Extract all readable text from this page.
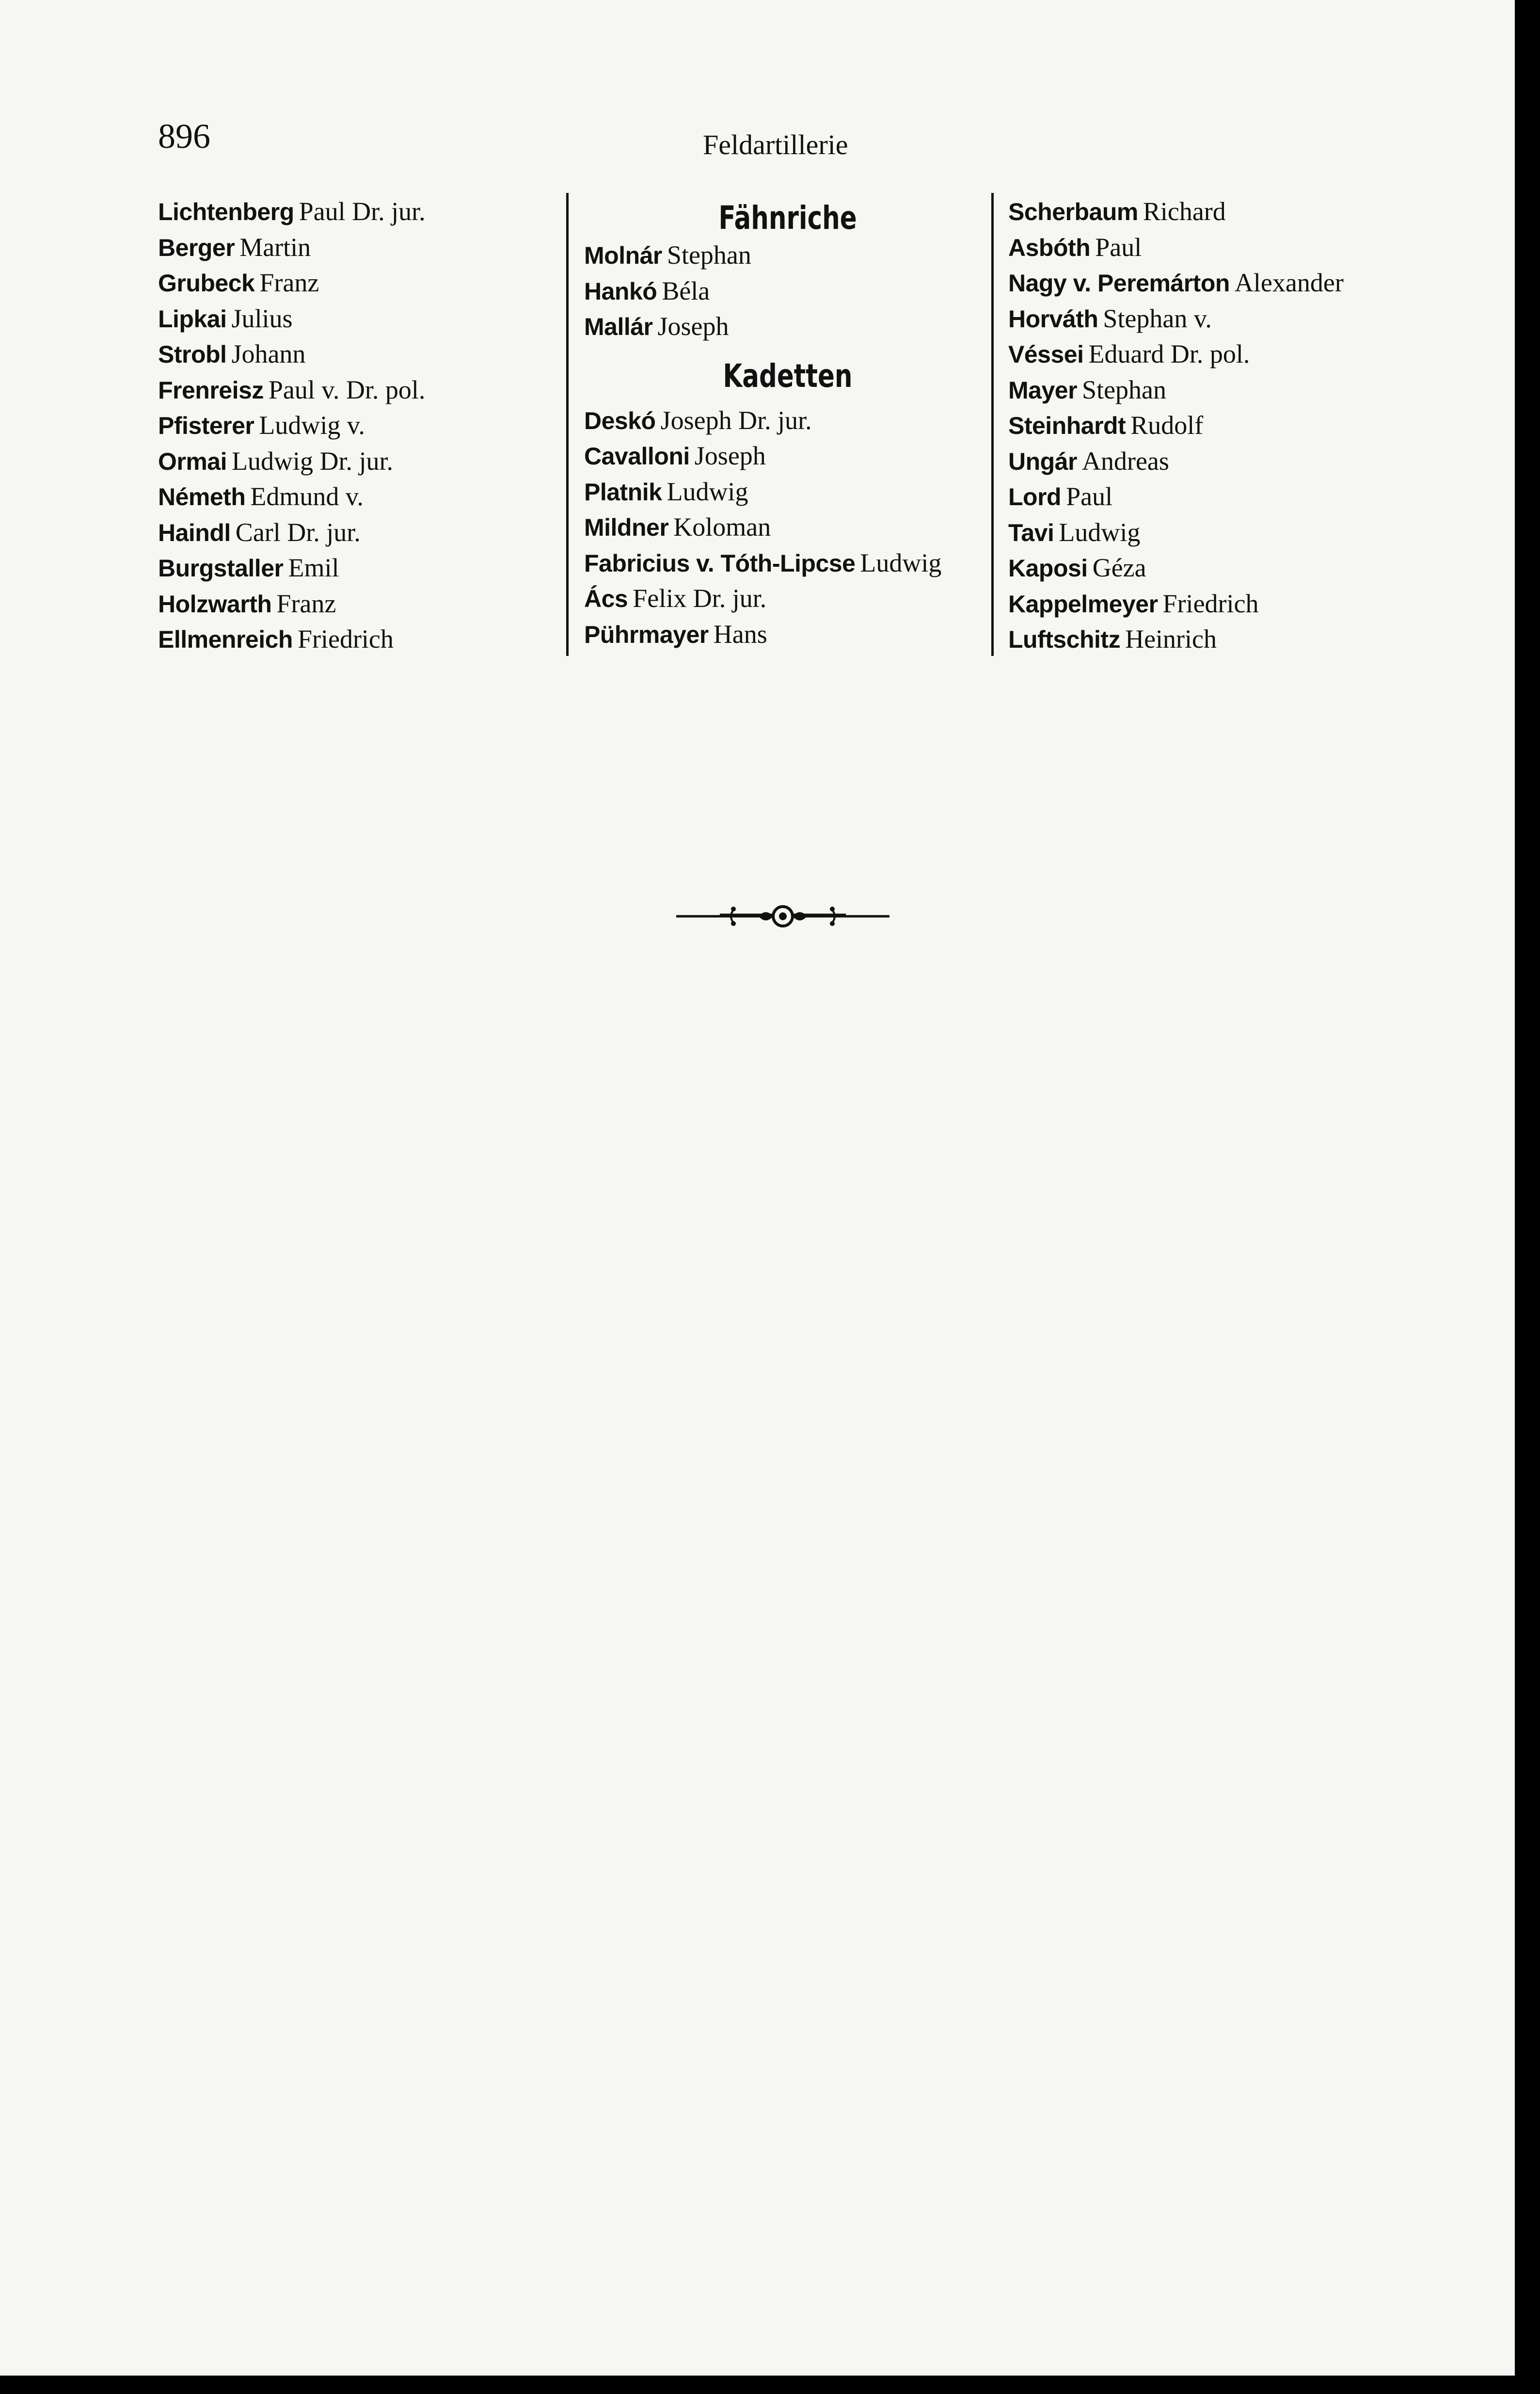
896	Feldartillerie
Lichtenberg Paul Dr. jur.
Berger Martin
Grubeck Franz
Lipkai Julius
Strobl Johann
Frenreisz Paul v. Dr. pol.
Pfisterer Ludwig v.
Ormai Ludwig Dr. jur.
Németh Edmund v.
Haindl Carl Dr. jur.
Burgstaller Emil
Holzwarth Franz
Ellmenreich Friedrich
Fähnriche
Molnár Stephan
Hankó Béla
Mallár Joseph
Kadetten
Deskó Joseph Dr. jur.
Cavalloni Joseph
Platnik Ludwig
Mildner Koloman
Fabricius v. Tóth-Lipcse Ludwig
Ács Felix Dr. jur.
Pührmayer Hans
Scherbaum Richard
Asbóth Paul
Nagy v. Peremárton Alexander
Horváth Stephan v.
Véssei Eduard Dr. pol.
Mayer Stephan
Steinhardt Rudolf
Ungár Andreas
Lord Paul
Tavi Ludwig
Kaposi Géza
Kappelmeyer Friedrich
Luftschitz Heinrich
